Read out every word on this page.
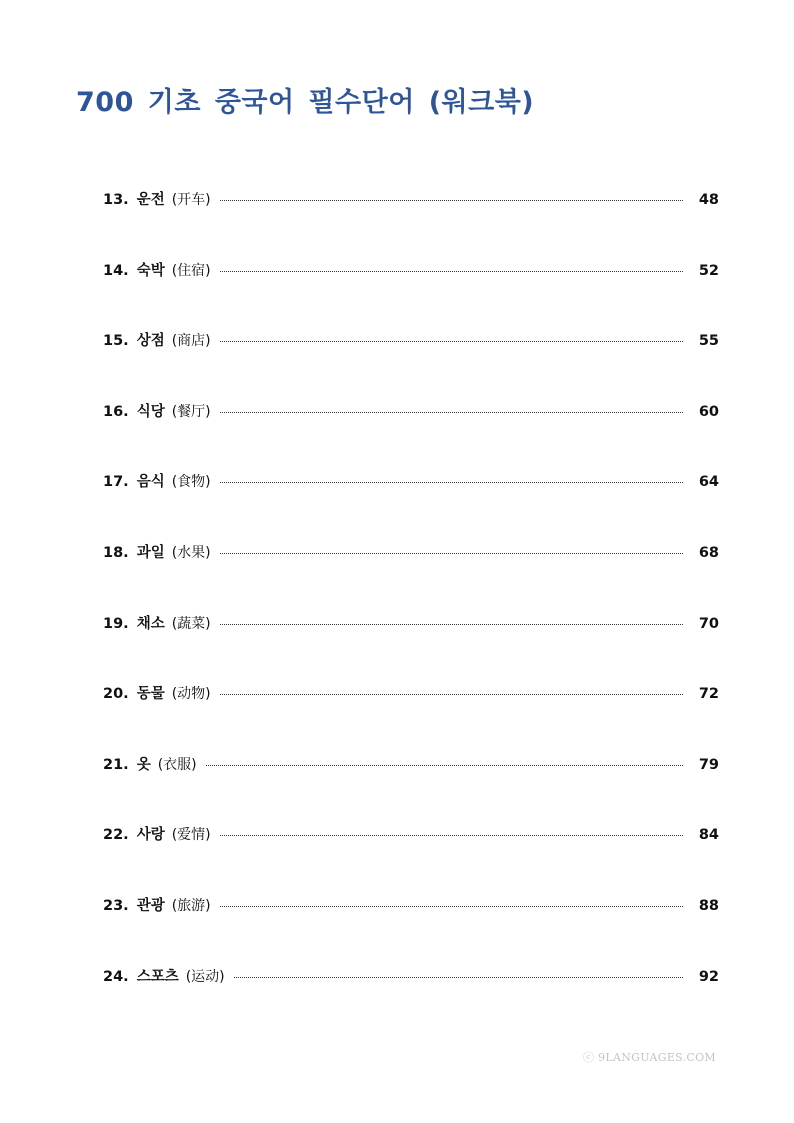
700 기초 중국어 필수단어 (워크북)
13. 운전 (开车)	48
14. 숙박 (住宿)	52
15. 상점 (商店)	55
16. 식당 (餐厅)	60
17. 음식 (食物)	64
18. 과일 (水果)	68
19. 채소 (蔬菜)	70
20. 동물 (动物)	72
21. 옷 (衣服)	79
22. 사랑 (爱情)	84
23. 관광 (旅游)	88
24. 스포츠 (运动)	92
ⓒ 9LANGUAGES.COM
